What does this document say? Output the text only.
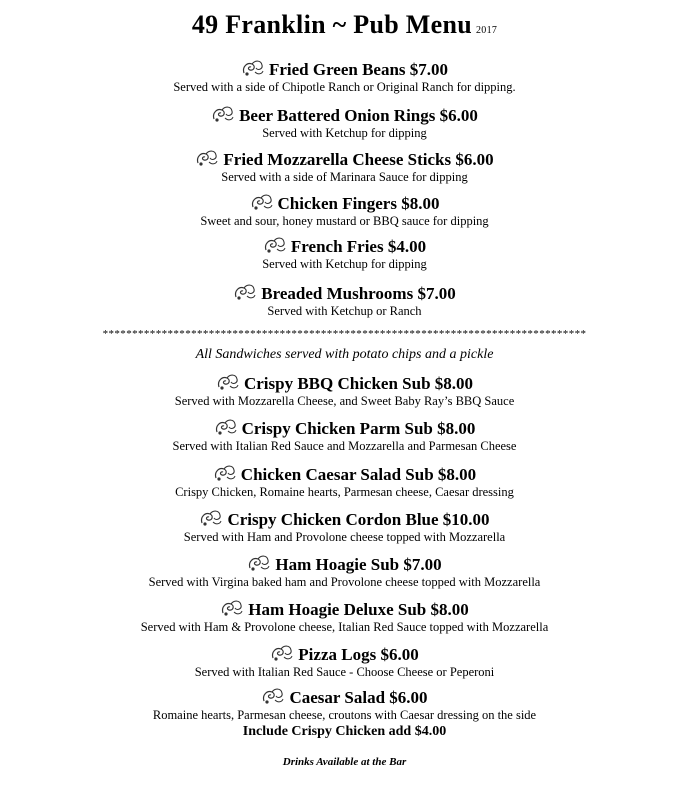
49 Franklin ~ Pub Menu 2017
Fried Green Beans $7.00
Served with a side of Chipotle Ranch or Original Ranch for dipping.
Beer Battered Onion Rings $6.00
Served with Ketchup for dipping
Fried Mozzarella Cheese Sticks $6.00
Served with a side of Marinara Sauce for dipping
Chicken Fingers $8.00
Sweet and sour, honey mustard or BBQ sauce for dipping
French Fries $4.00
Served with Ketchup for dipping
Breaded Mushrooms $7.00
Served with Ketchup or Ranch
**********************************************************************************
All Sandwiches served with potato chips and a pickle
Crispy BBQ Chicken Sub $8.00
Served with Mozzarella Cheese, and Sweet Baby Ray’s BBQ Sauce
Crispy Chicken Parm Sub $8.00
Served with Italian Red Sauce and Mozzarella and Parmesan Cheese
Chicken Caesar Salad Sub $8.00
Crispy Chicken, Romaine hearts, Parmesan cheese, Caesar dressing
Crispy Chicken Cordon Blue $10.00
Served with Ham and Provolone cheese topped with Mozzarella
Ham Hoagie Sub $7.00
Served with Virgina baked ham and Provolone cheese topped with Mozzarella
Ham Hoagie Deluxe Sub $8.00
Served with Ham & Provolone cheese, Italian Red Sauce topped with Mozzarella
Pizza Logs $6.00
Served with Italian Red Sauce - Choose Cheese or Peperoni
Caesar Salad $6.00
Romaine hearts, Parmesan cheese, croutons with Caesar dressing on the side
Include Crispy Chicken add $4.00
Drinks Available at the Bar
